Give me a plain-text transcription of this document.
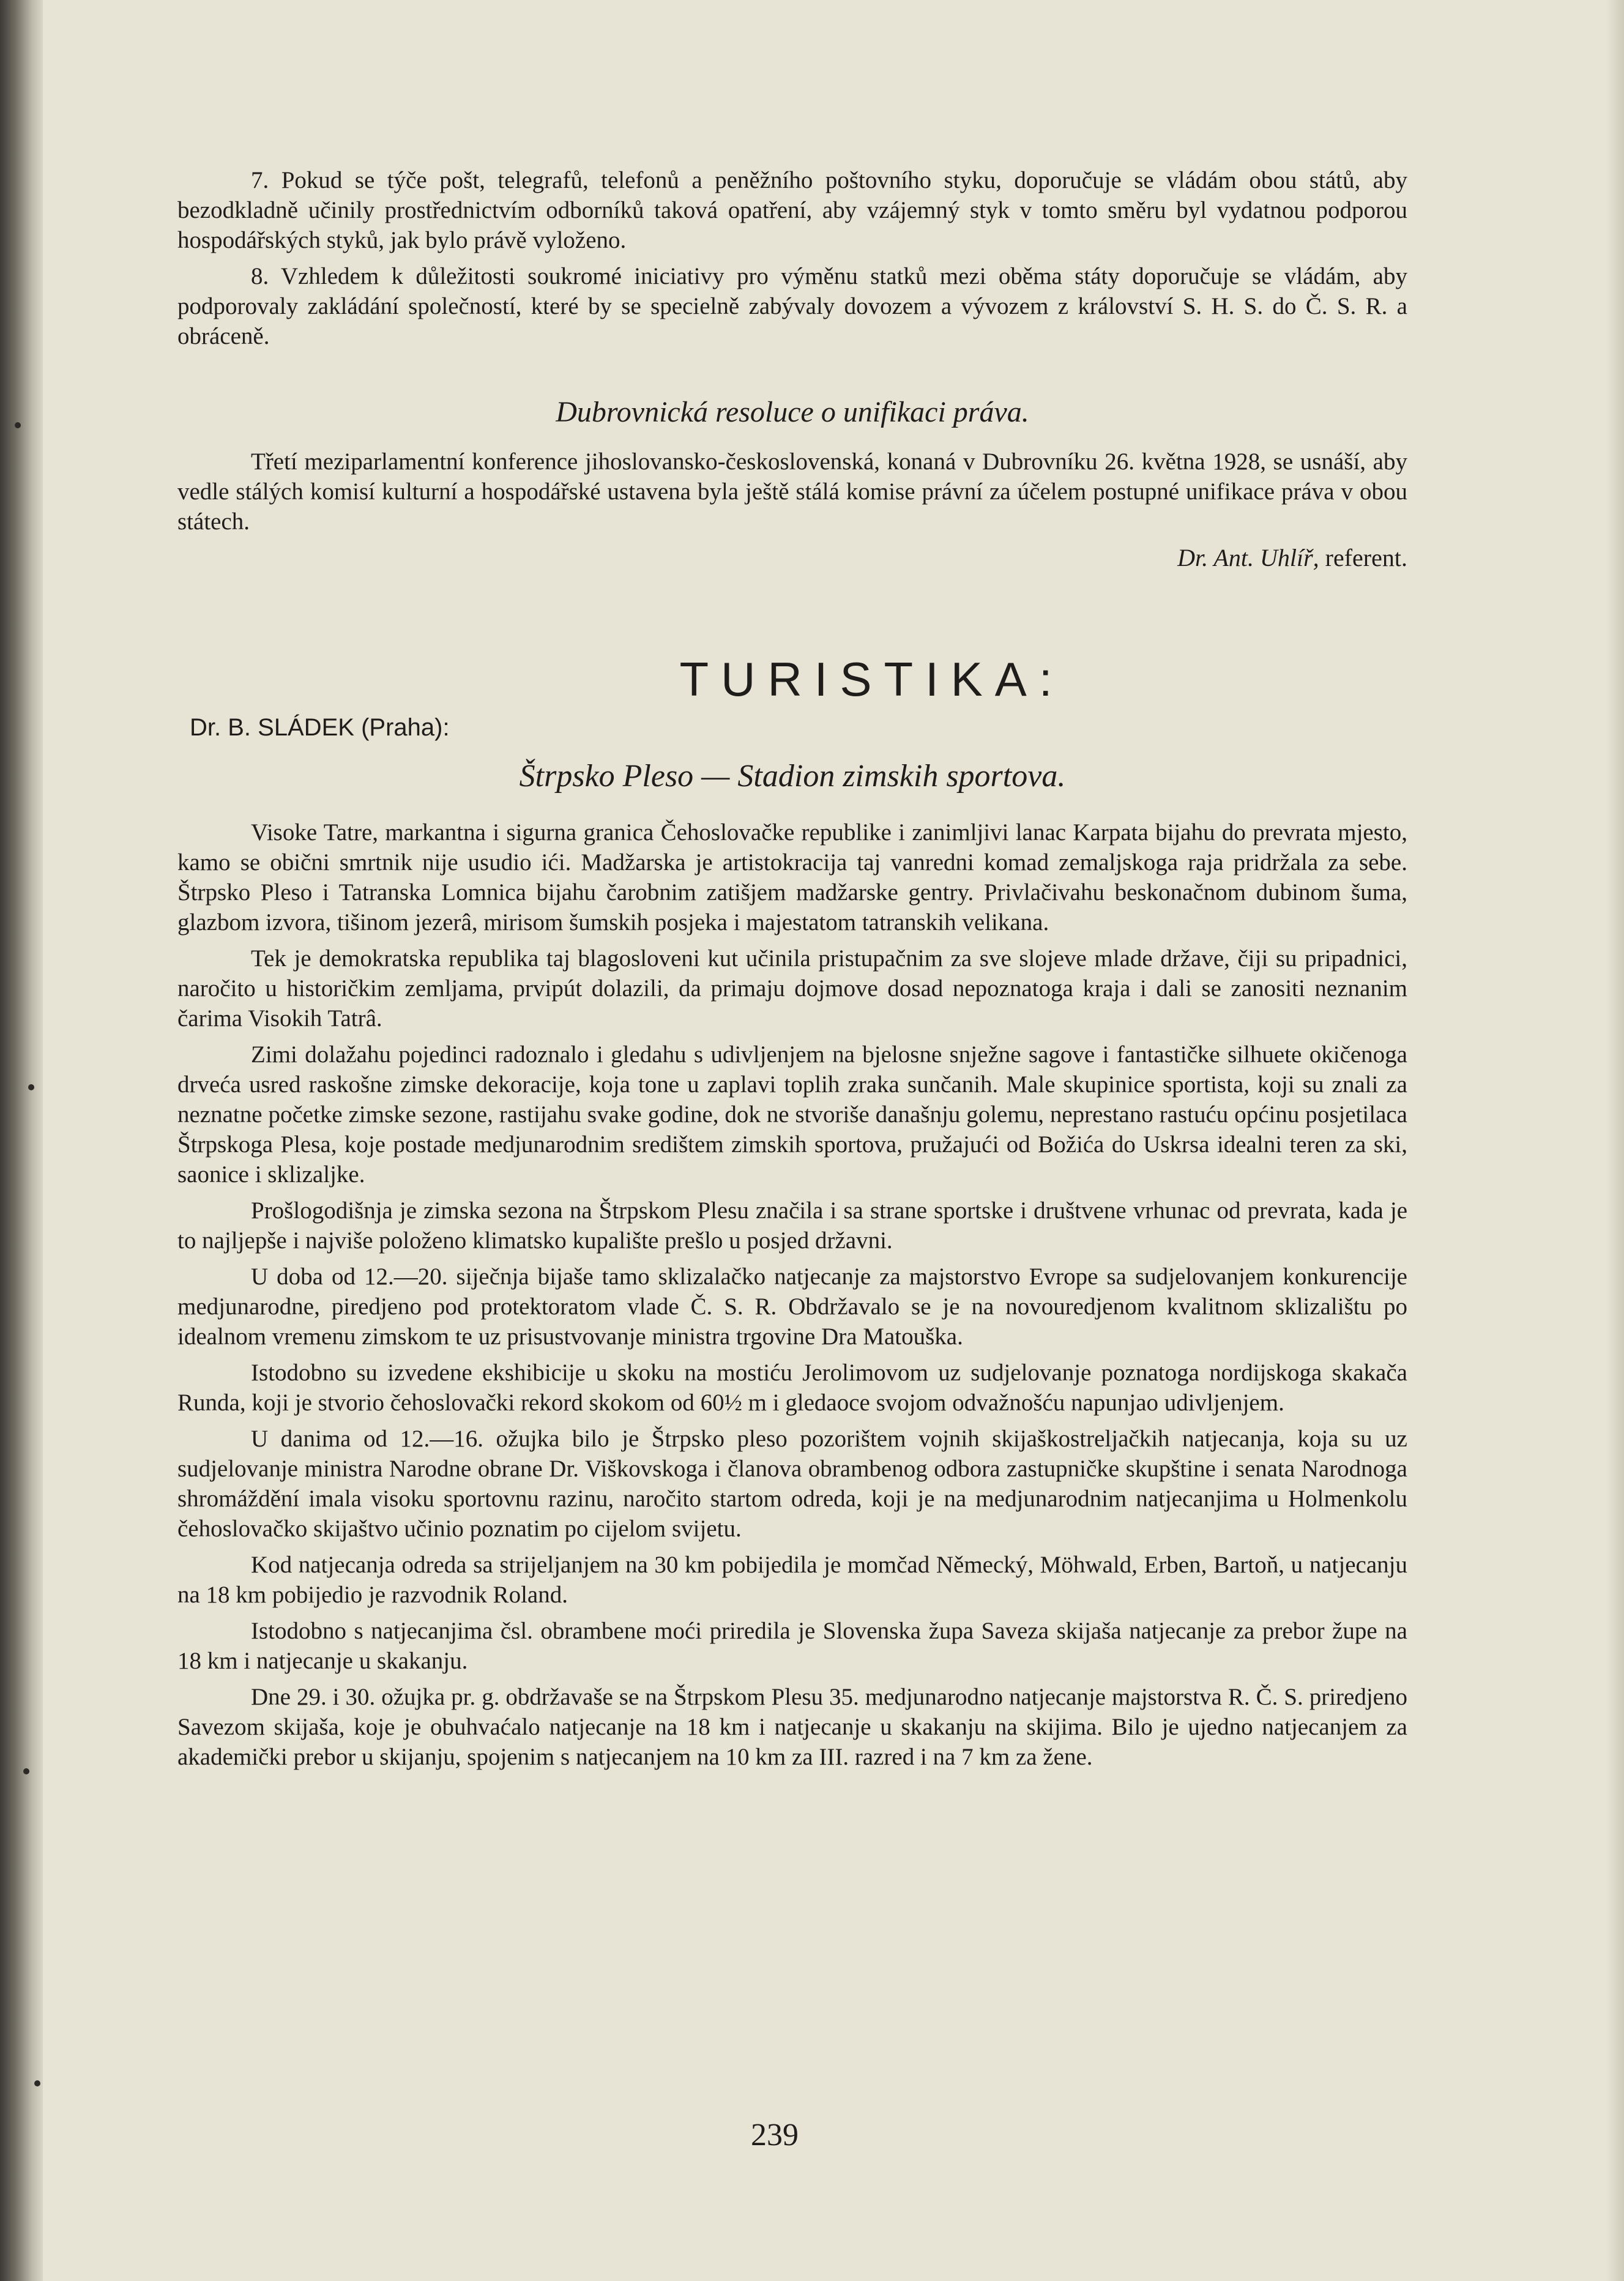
7. Pokud se týče pošt, telegrafů, telefonů a peněžního poštovního styku, doporučuje se vládám obou států, aby bezodkladně učinily prostřednictvím odborníků taková opatření, aby vzájemný styk v tomto směru byl vydatnou podporou hospodářských styků, jak bylo právě vyloženo.

8. Vzhledem k důležitosti soukromé iniciativy pro výměnu statků mezi oběma státy doporučuje se vládám, aby podporovaly zakládání společností, které by se specielně zabývaly dovozem a vývozem z království S. H. S. do Č. S. R. a obráceně.

Dubrovnická resoluce o unifikaci práva.

Třetí meziparlamentní konference jihoslovansko-československá, konaná v Dubrovníku 26. května 1928, se usnáší, aby vedle stálých komisí kulturní a hospodářské ustavena byla ještě stálá komise právní za účelem postupné unifikace práva v obou státech.

Dr. Ant. Uhlíř, referent.
TURISTIKA:
Dr. B. SLÁDEK (Praha):
Štrpsko Pleso — Stadion zimskih sportova.

Visoke Tatre, markantna i sigurna granica Čehoslovačke republike i zanimljivi lanac Karpata bijahu do prevrata mjesto, kamo se obični smrtnik nije usudio ići. Madžarska je artistokracija taj vanredni komad zemaljskoga raja pridržala za sebe. Štrpsko Pleso i Tatranska Lomnica bijahu čarobnim zatišjem madžarske gentry. Privlačivahu beskonačnom dubinom šuma, glazbom izvora, tišinom jezerâ, mirisom šumskih posjeka i majestatom tatranskih velikana.

Tek je demokratska republika taj blagosloveni kut učinila pristupačnim za sve slojeve mlade države, čiji su pripadnici, naročito u historičkim zemljama, prvipút dolazili, da primaju dojmove dosad nepoznatoga kraja i dali se zanositi neznanim čarima Visokih Tatrâ.

Zimi dolažahu pojedinci radoznalo i gledahu s udivljenjem na bjelosne snježne sagove i fantastičke silhuete okičenoga drveća usred raskošne zimske dekoracije, koja tone u zaplavi toplih zraka sunčanih. Male skupinice sportista, koji su znali za neznatne početke zimske sezone, rastijahu svake godine, dok ne stvoriše današnju golemu, neprestano rastuću općinu posjetilaca Štrpskoga Plesa, koje postade medjunarodnim središtem zimskih sportova, pružajući od Božića do Uskrsa idealni teren za ski, saonice i sklizaljke.

Prošlogodišnja je zimska sezona na Štrpskom Plesu značila i sa strane sportske i društvene vrhunac od prevrata, kada je to najljepše i najviše položeno klimatsko kupalište prešlo u posjed državni.

U doba od 12.—20. siječnja bijaše tamo sklizalačko natjecanje za majstorstvo Evrope sa sudjelovanjem konkurencije medjunarodne, piredjeno pod protektoratom vlade Č. S. R. Obdržavalo se je na novouredjenom kvalitnom sklizalištu po idealnom vremenu zimskom te uz prisustvovanje ministra trgovine Dra Matouška.

Istodobno su izvedene ekshibicije u skoku na mostiću Jerolimovom uz sudjelovanje poznatoga nordijskoga skakača Runda, koji je stvorio čehoslovački rekord skokom od 60½ m i gledaoce svojom odvažnošću napunjao udivljenjem.

U danima od 12.—16. ožujka bilo je Štrpsko pleso pozorištem vojnih skijaškostreljačkih natjecanja, koja su uz sudjelovanje ministra Narodne obrane Dr. Viškovskoga i članova obrambenog odbora zastupničke skupštine i senata Narodnoga shromáždění imala visoku sportovnu razinu, naročito startom odreda, koji je na medjunarodnim natjecanjima u Holmenkolu čehoslovačko skijaštvo učinio poznatim po cijelom svijetu.

Kod natjecanja odreda sa strijeljanjem na 30 km pobijedila je momčad Německý, Möhwald, Erben, Bartoň, u natjecanju na 18 km pobijedio je razvodnik Roland.

Istodobno s natjecanjima čsl. obrambene moći priredila je Slovenska župa Saveza skijaša natjecanje za prebor župe na 18 km i natjecanje u skakanju.

Dne 29. i 30. ožujka pr. g. obdržavaše se na Štrpskom Plesu 35. medjunarodno natjecanje majstorstva R. Č. S. priredjeno Savezom skijaša, koje je obuhvaćalo natjecanje na 18 km i natjecanje u skakanju na skijima. Bilo je ujedno natjecanjem za akademički prebor u skijanju, spojenim s natjecanjem na 10 km za III. razred i na 7 km za žene.

239
